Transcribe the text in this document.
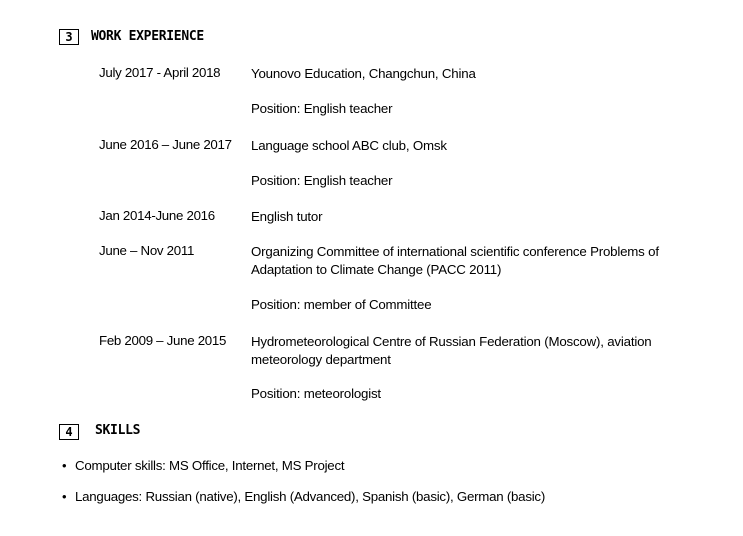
3	WORK EXPERIENCE
July 2017 - April 2018 Younovo Education, Changchun, China
Position: English teacher
June 2016 – June 2017 Language school ABC club, Omsk
Position: English teacher
Jan 2014-June 2016	English tutor
June – Nov 2011	Organizing Committee of international scientific conference Problems of Adaptation to Climate Change (PACC 2011)
Position: member of Committee
Feb 2009 – June 2015 Hydrometeorological Centre of Russian Federation (Moscow), aviation meteorology department
Position: meteorologist
4	SKILLS
• Computer skills: MS Office, Internet, MS Project
• Languages: Russian (native), English (Advanced), Spanish (basic), German (basic)
